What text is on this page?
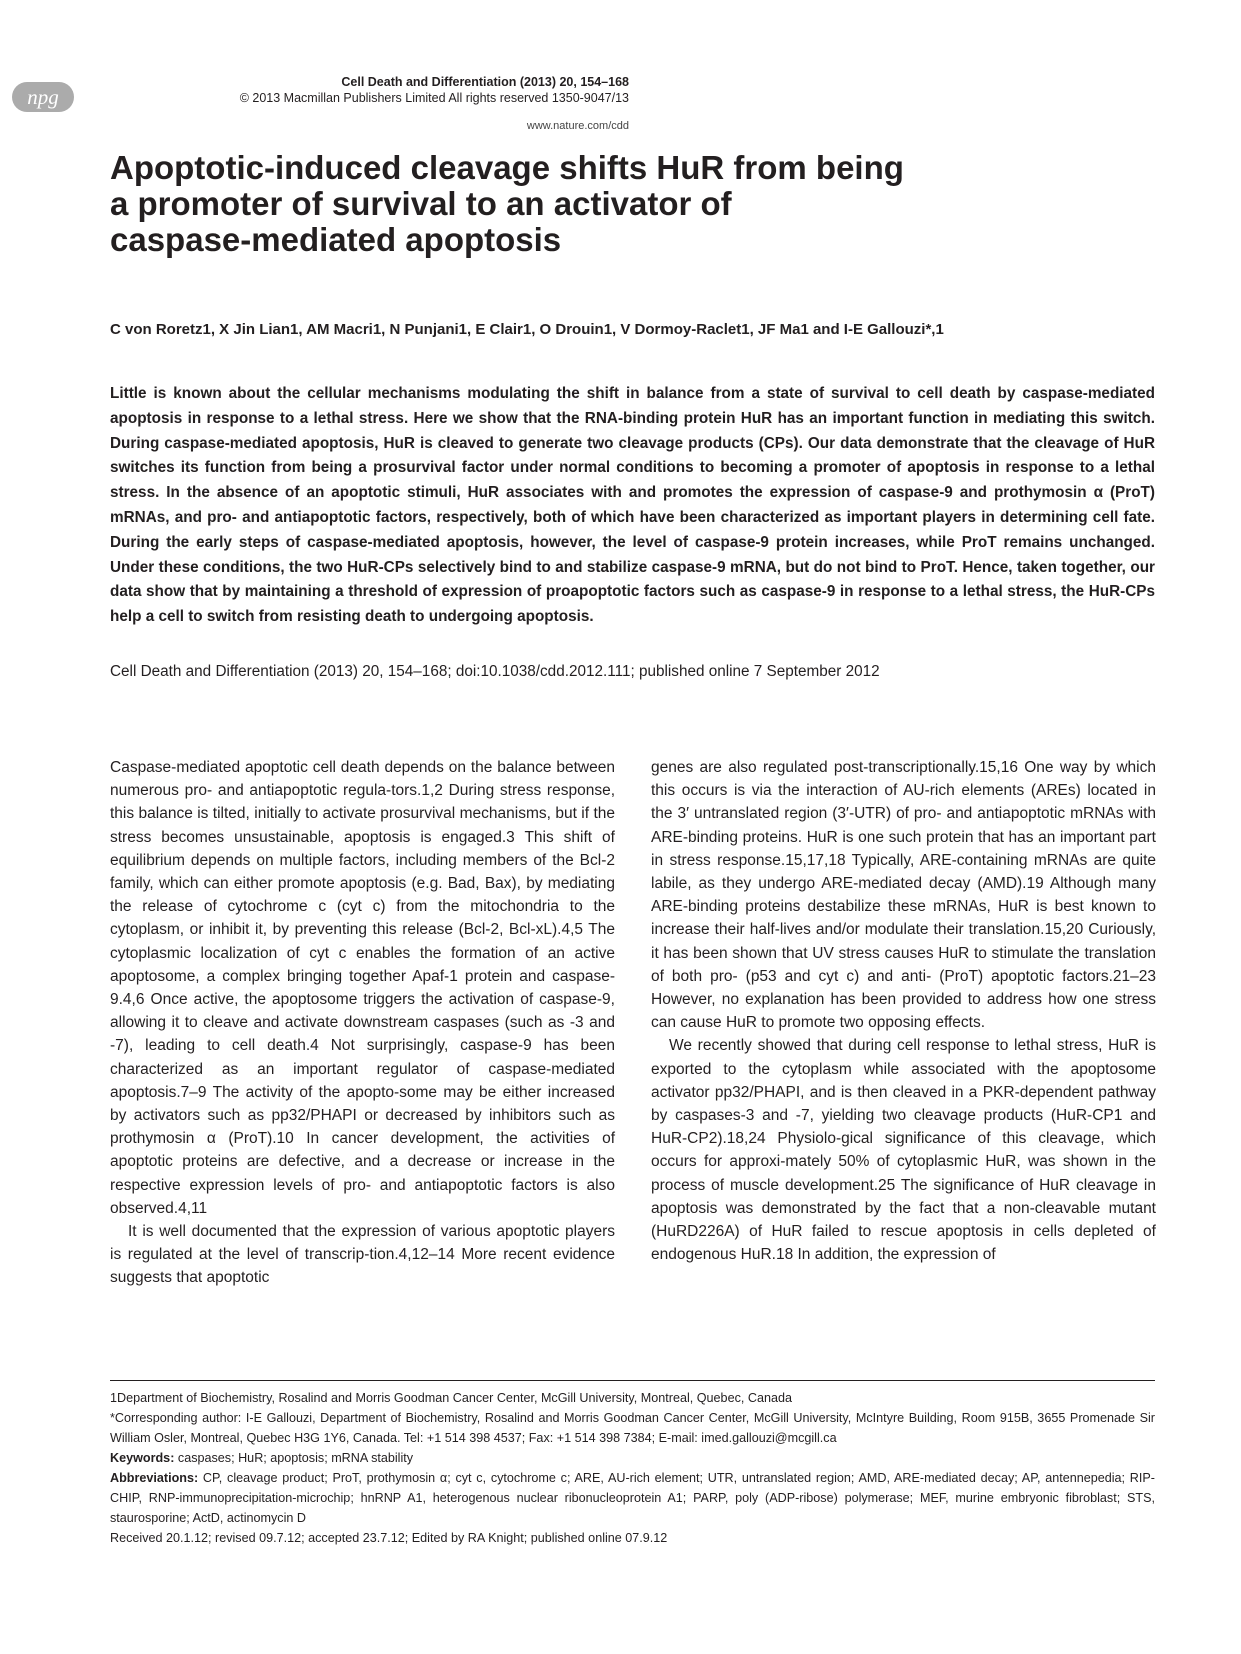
npg
Cell Death and Differentiation (2013) 20, 154–168
© 2013 Macmillan Publishers Limited All rights reserved 1350-9047/13
www.nature.com/cdd
Apoptotic-induced cleavage shifts HuR from being
a promoter of survival to an activator of
caspase-mediated apoptosis
C von Roretz1, X Jin Lian1, AM Macri1, N Punjani1, E Clair1, O Drouin1, V Dormoy-Raclet1, JF Ma1 and I-E Gallouzi*,1

Little is known about the cellular mechanisms modulating the shift in balance from a state of survival to cell death by caspase-mediated apoptosis in response to a lethal stress. Here we show that the RNA-binding protein HuR has an important function in mediating this switch. During caspase-mediated apoptosis, HuR is cleaved to generate two cleavage products (CPs). Our data demonstrate that the cleavage of HuR switches its function from being a prosurvival factor under normal conditions to becoming a promoter of apoptosis in response to a lethal stress. In the absence of an apoptotic stimuli, HuR associates with and promotes the expression of caspase-9 and prothymosin α (ProT) mRNAs, and pro- and antiapoptotic factors, respectively, both of which have been characterized as important players in determining cell fate. During the early steps of caspase-mediated apoptosis, however, the level of caspase-9 protein increases, while ProT remains unchanged. Under these conditions, the two HuR-CPs selectively bind to and stabilize caspase-9 mRNA, but do not bind to ProT. Hence, taken together, our data show that by maintaining a threshold of expression of proapoptotic factors such as caspase-9 in response to a lethal stress, the HuR-CPs help a cell to switch from resisting death to undergoing apoptosis.

Cell Death and Differentiation (2013) 20, 154–168; doi:10.1038/cdd.2012.111; published online 7 September 2012

Caspase-mediated apoptotic cell death depends on the balance between numerous pro- and antiapoptotic regula-tors.1,2 During stress response, this balance is tilted, initially to activate prosurvival mechanisms, but if the stress becomes unsustainable, apoptosis is engaged.3 This shift of equilibrium depends on multiple factors, including members of the Bcl-2 family, which can either promote apoptosis (e.g. Bad, Bax), by mediating the release of cytochrome c (cyt c) from the mitochondria to the cytoplasm, or inhibit it, by preventing this release (Bcl-2, Bcl-xL).4,5 The cytoplasmic localization of cyt c enables the formation of an active apoptosome, a complex bringing together Apaf-1 protein and caspase-9.4,6 Once active, the apoptosome triggers the activation of caspase-9, allowing it to cleave and activate downstream caspases (such as -3 and -7), leading to cell death.4 Not surprisingly, caspase-9 has been characterized as an important regulator of caspase-mediated apoptosis.7–9 The activity of the apopto-some may be either increased by activators such as pp32/PHAPI or decreased by inhibitors such as prothymosin α (ProT).10 In cancer development, the activities of apoptotic proteins are defective, and a decrease or increase in the respective expression levels of pro- and antiapoptotic factors is also observed.4,11

It is well documented that the expression of various apoptotic players is regulated at the level of transcrip-tion.4,12–14 More recent evidence suggests that apoptotic

genes are also regulated post-transcriptionally.15,16 One way by which this occurs is via the interaction of AU-rich elements (AREs) located in the 3′ untranslated region (3′-UTR) of pro- and antiapoptotic mRNAs with ARE-binding proteins. HuR is one such protein that has an important part in stress response.15,17,18 Typically, ARE-containing mRNAs are quite labile, as they undergo ARE-mediated decay (AMD).19 Although many ARE-binding proteins destabilize these mRNAs, HuR is best known to increase their half-lives and/or modulate their translation.15,20 Curiously, it has been shown that UV stress causes HuR to stimulate the translation of both pro- (p53 and cyt c) and anti- (ProT) apoptotic factors.21–23 However, no explanation has been provided to address how one stress can cause HuR to promote two opposing effects.

We recently showed that during cell response to lethal stress, HuR is exported to the cytoplasm while associated with the apoptosome activator pp32/PHAPI, and is then cleaved in a PKR-dependent pathway by caspases-3 and -7, yielding two cleavage products (HuR-CP1 and HuR-CP2).18,24 Physiolo-gical significance of this cleavage, which occurs for approxi-mately 50% of cytoplasmic HuR, was shown in the process of muscle development.25 The significance of HuR cleavage in apoptosis was demonstrated by the fact that a non-cleavable mutant (HuRD226A) of HuR failed to rescue apoptosis in cells depleted of endogenous HuR.18 In addition, the expression of

1Department of Biochemistry, Rosalind and Morris Goodman Cancer Center, McGill University, Montreal, Quebec, Canada

*Corresponding author: I-E Gallouzi, Department of Biochemistry, Rosalind and Morris Goodman Cancer Center, McGill University, McIntyre Building, Room 915B, 3655 Promenade Sir William Osler, Montreal, Quebec H3G 1Y6, Canada. Tel: +1 514 398 4537; Fax: +1 514 398 7384; E-mail: imed.gallouzi@mcgill.ca

Keywords: caspases; HuR; apoptosis; mRNA stability

Abbreviations: CP, cleavage product; ProT, prothymosin α; cyt c, cytochrome c; ARE, AU-rich element; UTR, untranslated region; AMD, ARE-mediated decay; AP, antennepedia; RIP-CHIP, RNP-immunoprecipitation-microchip; hnRNP A1, heterogenous nuclear ribonucleoprotein A1; PARP, poly (ADP-ribose) polymerase; MEF, murine embryonic fibroblast; STS, staurosporine; ActD, actinomycin D

Received 20.1.12; revised 09.7.12; accepted 23.7.12; Edited by RA Knight; published online 07.9.12
